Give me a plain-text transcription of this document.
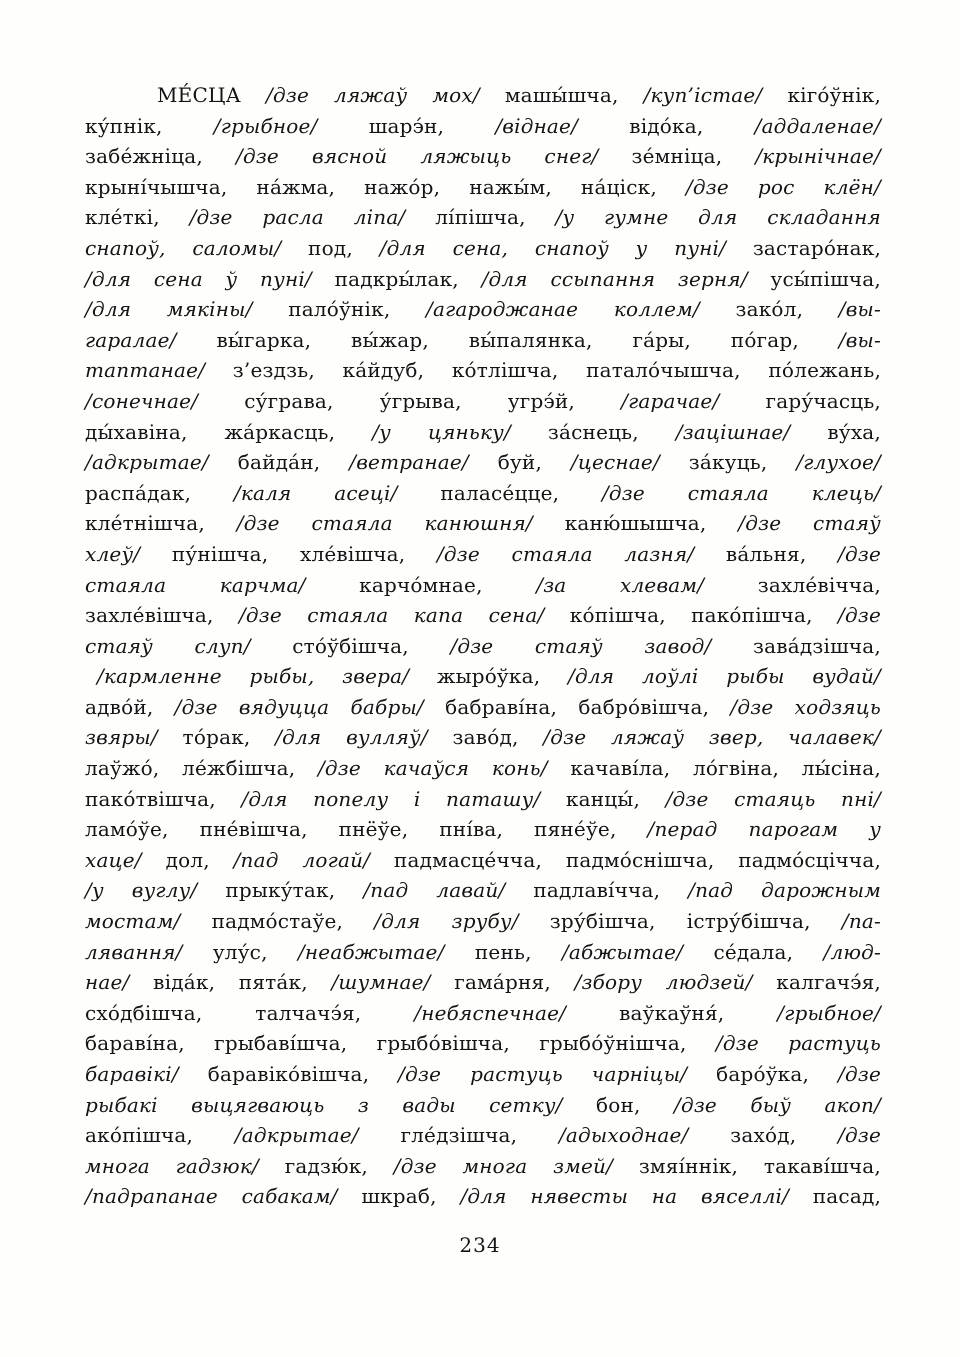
МЕ́СЦА /дзе ляжаў мох/ машы́шча, /куп’істае/ кіго́ўнік,
ку́пнік, /грыбное/ шарэ́н, /віднае/ відо́ка, /аддаленае/
забе́жніца, /дзе вясной ляжыць снег/ зе́мніца, /крынічнае/
крыні́чышча, на́жма, нажо́р, нажы́м, на́ціск, /дзе рос клён/
кле́ткі, /дзе расла ліпа/ лі́пішча, /у гумне для складання
снапоў, саломы/ под, /для сена, снапоў у пуні/ застаро́нак,
/для сена ў пуні/ падкры́лак, /для ссыпання зерня/ усы́пішча,
/для мякіны/ пало́ўнік, /агароджанае коллем/ зако́л, /вы-
гаралае/ вы́гарка, вы́жар, вы́палянка, га́ры, по́гар, /вы-
таптанае/ з’ездзь, ка́йдуб, ко́тлішча, патало́чышча, по́лежань,
/сонечнае/ су́грава, у́грыва, угрэ́й, /гарачае/ гару́часць,
ды́хавіна, жа́ркасць, /у цяньку/ за́снець, /зацішнае/ ву́ха,
/адкрытае/ байда́н, /ветранае/ буй, /цеснае/ за́куць, /глухое/
распа́дак, /каля асеці/ паласе́цце, /дзе стаяла клець/
кле́тнішча, /дзе стаяла канюшня/ каню́шышча, /дзе стаяў
хлеў/ пу́нішча, хле́вішча, /дзе стаяла лазня/ ва́льня, /дзе
стаяла карчма/ карчо́мнае, /за хлевам/ захле́вічча,
захле́вішча, /дзе стаяла капа сена/ ко́пішча, пако́пішча, /дзе
стаяў слуп/ сто́ўбішча, /дзе стаяў завод/ зава́дзішча,
/кармленне рыбы, звера/ жыро́ўка, /для лоўлі рыбы вудай/
адво́й, /дзе вядуцца бабры/ бабраві́на, бабро́вішча, /дзе ходзяць
звяры/ то́рак, /для вулляў/ заво́д, /дзе ляжаў звер, чалавек/
лаўжо́, ле́жбішча, /дзе качаўся конь/ качаві́ла, ло́гвіна, лы́сіна,
пако́твішча, /для попелу і паташу/ канцы́, /дзе стаяць пні/
ламо́ўе, пне́вішча, пнёўе, пні́ва, пяне́ўе, /перад парогам у
хаце/ дол, /пад логай/ падмасце́чча, падмо́снішча, падмо́сцічча,
/у вуглу/ прыку́так, /пад лавай/ падлаві́чча, /пад дарожным
мостам/ падмо́стаўе, /для зрубу/ зру́бішча, істру́бішча, /па-
лявання/ улу́с, /неабжытае/ пень, /абжытае/ се́дала, /люд-
нае/ віда́к, пята́к, /шумнае/ гама́рня, /збору людзей/ калгачэ́я,
схо́дбішча, талчачэ́я, /небяспечнае/ ваўкаўня́, /грыбное/
бараві́на, грыбаві́шча, грыбо́вішча, грыбо́ўнішча, /дзе растуць
баравікі/ баравіко́вішча, /дзе растуць чарніцы/ баро́ўка, /дзе
рыбакі выцягваюць з вады сетку/ бон, /дзе быў акоп/
ако́пішча, /адкрытае/ гле́дзішча, /адыходнае/ захо́д, /дзе
многа гадзюк/ гадзю́к, /дзе многа змей/ змяі́ннік, такаві́шча,
/падрапанае сабакам/ шкраб, /для нявесты на вяселлі/ пасад,
234
